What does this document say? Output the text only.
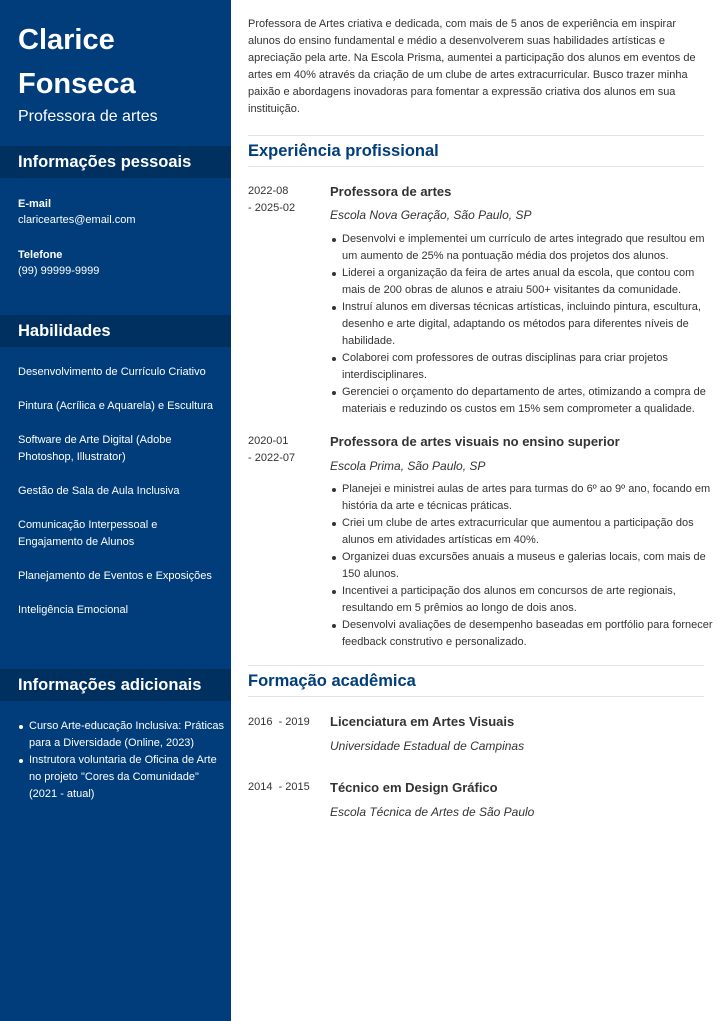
Clarice Fonseca
Professora de artes
Informações pessoais
E-mail
clariceartes@email.com
Telefone
(99) 99999-9999
Habilidades
Desenvolvimento de Currículo Criativo
Pintura (Acrílica e Aquarela) e Escultura
Software de Arte Digital (Adobe Photoshop, Illustrator)
Gestão de Sala de Aula Inclusiva
Comunicação Interpessoal e Engajamento de Alunos
Planejamento de Eventos e Exposições
Inteligência Emocional
Informações adicionais
Curso Arte-educação Inclusiva: Práticas para a Diversidade (Online, 2023)
Instrutora voluntaria de Oficina de Arte no projeto "Cores da Comunidade" (2021 - atual)

Professora de Artes criativa e dedicada, com mais de 5 anos de experiência em inspirar alunos do ensino fundamental e médio a desenvolverem suas habilidades artísticas e apreciação pela arte. Na Escola Prisma, aumentei a participação dos alunos em eventos de artes em 40% através da criação de um clube de artes extracurricular. Busco trazer minha paixão e abordagens inovadoras para fomentar a expressão criativa dos alunos em sua instituição.

Experiência profissional
2022-08
- 2025-02
Professora de artes
Escola Nova Geração, São Paulo, SP
Desenvolvi e implementei um currículo de artes integrado que resultou em um aumento de 25% na pontuação média dos projetos dos alunos.
Liderei a organização da feira de artes anual da escola, que contou com mais de 200 obras de alunos e atraiu 500+ visitantes da comunidade.
Instruí alunos em diversas técnicas artísticas, incluindo pintura, escultura, desenho e arte digital, adaptando os métodos para diferentes níveis de habilidade.
Colaborei com professores de outras disciplinas para criar projetos interdisciplinares.
Gerenciei o orçamento do departamento de artes, otimizando a compra de materiais e reduzindo os custos em 15% sem comprometer a qualidade.
2020-01
- 2022-07
Professora de artes visuais no ensino superior
Escola Prima, São Paulo, SP
Planejei e ministrei aulas de artes para turmas do 6º ao 9º ano, focando em história da arte e técnicas práticas.
Criei um clube de artes extracurricular que aumentou a participação dos alunos em atividades artísticas em 40%.
Organizei duas excursões anuais a museus e galerias locais, com mais de 150 alunos.
Incentivei a participação dos alunos em concursos de arte regionais, resultando em 5 prêmios ao longo de dois anos.
Desenvolvi avaliações de desempenho baseadas em portfólio para fornecer feedback construtivo e personalizado.
Formação acadêmica
2016  - 2019	Licenciatura em Artes Visuais
Universidade Estadual de Campinas
2014  - 2015	Técnico em Design Gráfico
Escola Técnica de Artes de São Paulo
